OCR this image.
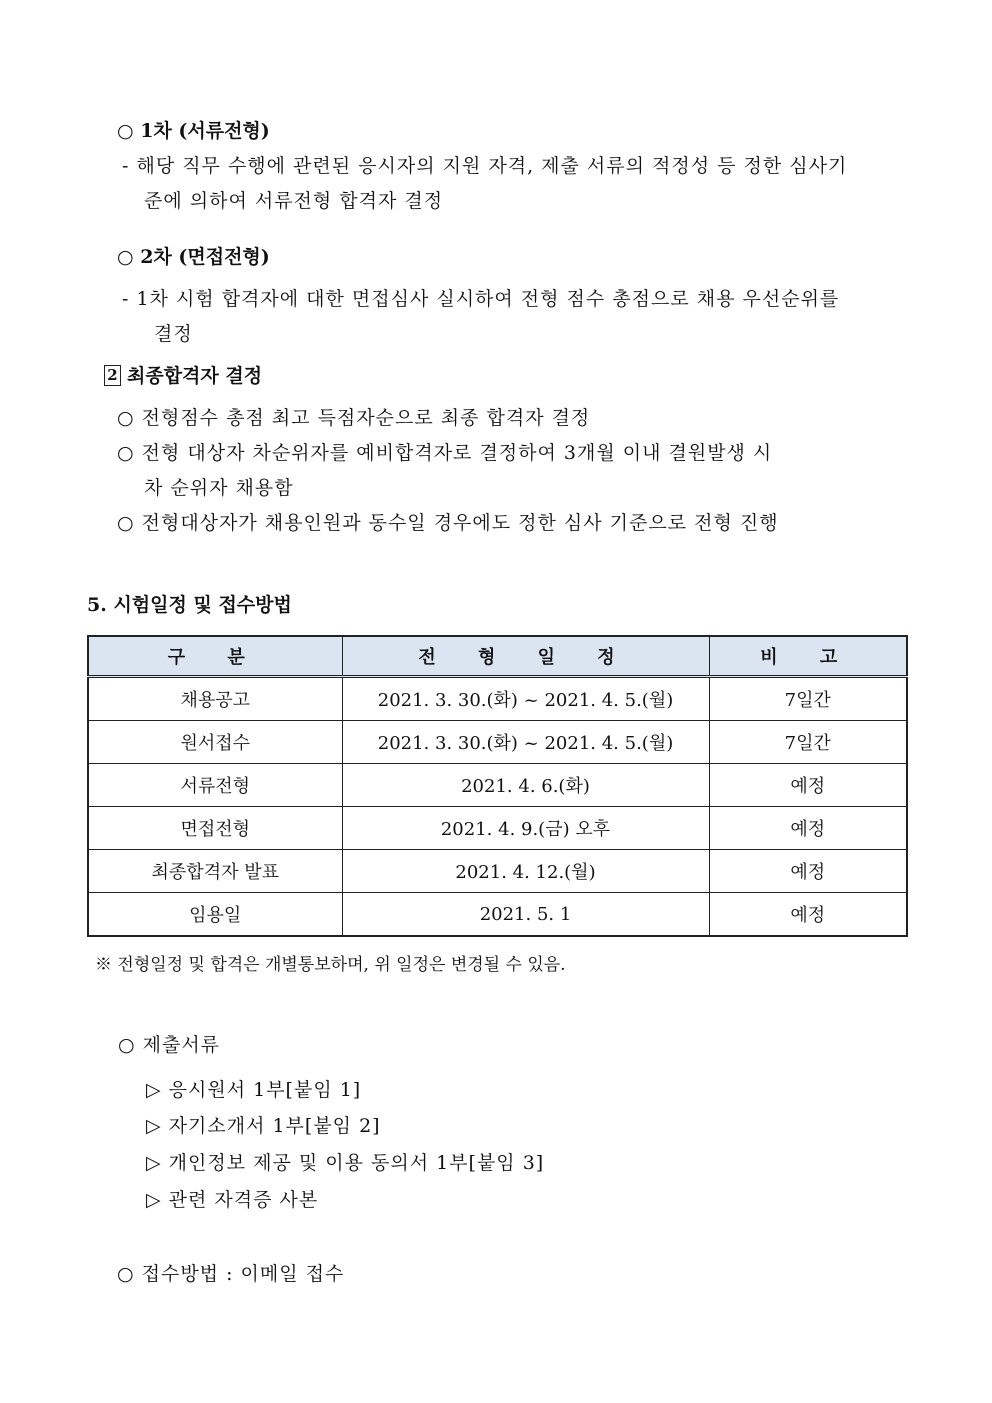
○ 1차 (서류전형)
- 해당 직무 수행에 관련된 응시자의 지원 자격, 제출 서류의 적정성 등 정한 심사기
준에 의하여 서류전형 합격자 결정
○ 2차 (면접전형)
- 1차 시험 합격자에 대한 면접심사 실시하여 전형 점수 총점으로 채용 우선순위를
결정
2 최종합격자 결정
○ 전형점수 총점 최고 득점자순으로 최종 합격자 결정
○ 전형 대상자 차순위자를 예비합격자로 결정하여 3개월 이내 결원발생 시
차 순위자 채용함
○ 전형대상자가 채용인원과 동수일 경우에도 정한 심사 기준으로 전형 진행
5. 시험일정 및 접수방법
구 분	전 형 일 정	비 고
채용공고	2021. 3. 30.(화) ~ 2021. 4. 5.(월)	7일간
원서접수	2021. 3. 30.(화) ~ 2021. 4. 5.(월)	7일간
서류전형	2021. 4. 6.(화)	예정
면접전형	2021. 4. 9.(금) 오후	예정
최종합격자 발표	2021. 4. 12.(월)	예정
임용일	2021. 5. 1	예정
※ 전형일정 및 합격은 개별통보하며, 위 일정은 변경될 수 있음.
○ 제출서류
▷ 응시원서 1부[붙임 1]
▷ 자기소개서 1부[붙임 2]
▷ 개인정보 제공 및 이용 동의서 1부[붙임 3]
▷ 관련 자격증 사본
○ 접수방법 : 이메일 접수
